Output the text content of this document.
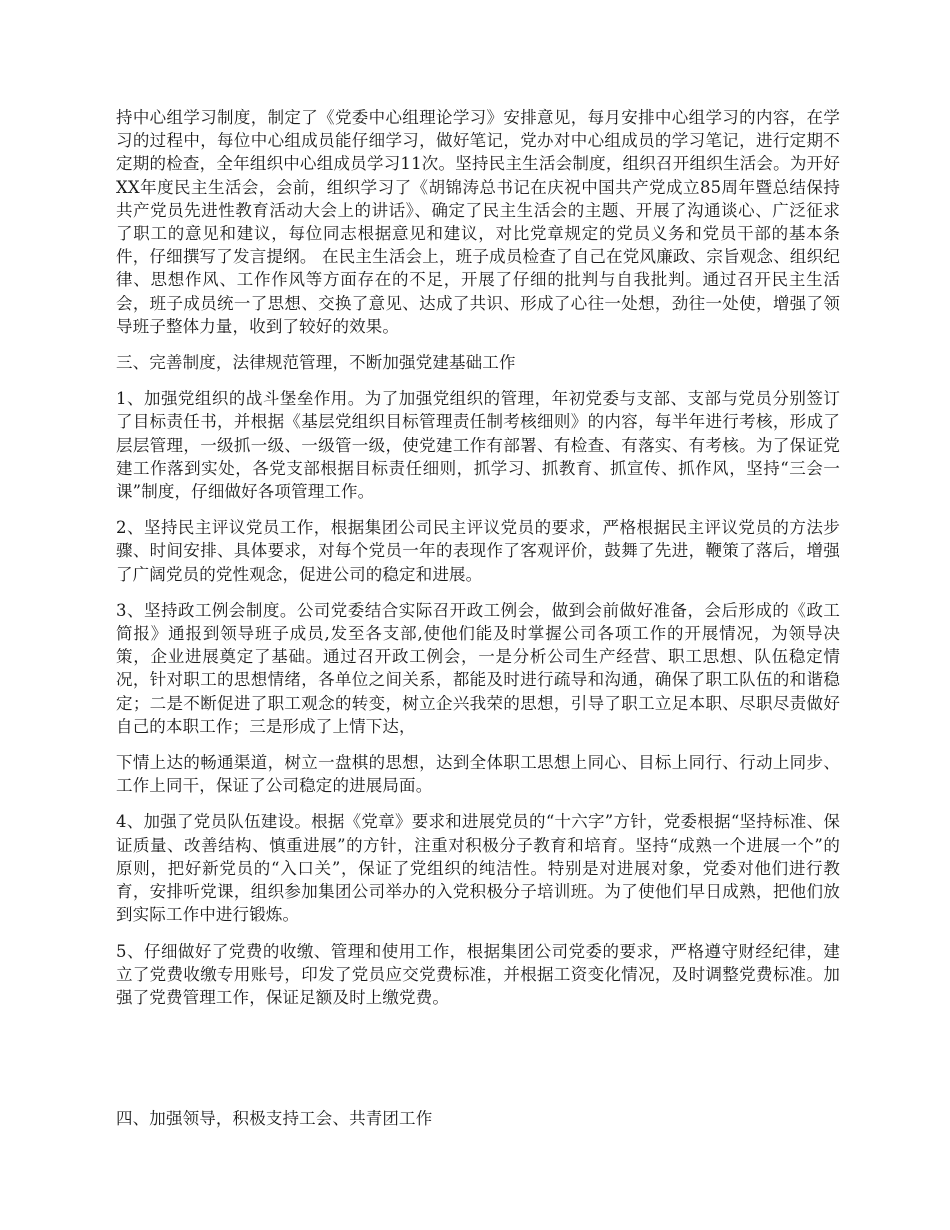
持中心组学习制度，制定了《党委中心组理论学习》安排意见，每月安排中心组学习的内容，在学习的过程中，每位中心组成员能仔细学习，做好笔记，党办对中心组成员的学习笔记，进行定期不定期的检查，全年组织中心组成员学习11次。坚持民主生活会制度，组织召开组织生活会。为开好XX年度民主生活会，会前，组织学习了《胡锦涛总书记在庆祝中国共产党成立85周年暨总结保持共产党员先进性教育活动大会上的讲话》、确定了民主生活会的主题、开展了沟通谈心、广泛征求了职工的意见和建议，每位同志根据意见和建议，对比党章规定的党员义务和党员干部的基本条件，仔细撰写了发言提纲。 在民主生活会上，班子成员检查了自己在党风廉政、宗旨观念、组织纪律、思想作风、工作作风等方面存在的不足，开展了仔细的批判与自我批判。通过召开民主生活会，班子成员统一了思想、交换了意见、达成了共识、形成了心往一处想，劲往一处使，增强了领导班子整体力量，收到了较好的效果。

三、完善制度，法律规范管理，不断加强党建基础工作

1、加强党组织的战斗堡垒作用。为了加强党组织的管理，年初党委与支部、支部与党员分别签订了目标责任书，并根据《基层党组织目标管理责任制考核细则》的内容，每半年进行考核，形成了层层管理，一级抓一级、一级管一级，使党建工作有部署、有检查、有落实、有考核。为了保证党建工作落到实处，各党支部根据目标责任细则，抓学习、抓教育、抓宣传、抓作风，坚持“三会一课”制度，仔细做好各项管理工作。

2、坚持民主评议党员工作，根据集团公司民主评议党员的要求，严格根据民主评议党员的方法步骤、时间安排、具体要求，对每个党员一年的表现作了客观评价，鼓舞了先进，鞭策了落后，增强了广阔党员的党性观念，促进公司的稳定和进展。

3、坚持政工例会制度。公司党委结合实际召开政工例会，做到会前做好准备，会后形成的《政工简报》通报到领导班子成员,发至各支部,使他们能及时掌握公司各项工作的开展情况，为领导决策，企业进展奠定了基础。通过召开政工例会，一是分析公司生产经营、职工思想、队伍稳定情况，针对职工的思想情绪，各单位之间关系，都能及时进行疏导和沟通，确保了职工队伍的和谐稳定；二是不断促进了职工观念的转变，树立企兴我荣的思想，引导了职工立足本职、尽职尽责做好自己的本职工作；三是形成了上情下达，

下情上达的畅通渠道，树立一盘棋的思想，达到全体职工思想上同心、目标上同行、行动上同步、工作上同干，保证了公司稳定的进展局面。

4、加强了党员队伍建设。根据《党章》要求和进展党员的“十六字”方针，党委根据“坚持标准、保证质量、改善结构、慎重进展”的方针，注重对积极分子教育和培育。坚持“成熟一个进展一个”的原则，把好新党员的“入口关”，保证了党组织的纯洁性。特别是对进展对象，党委对他们进行教育，安排听党课，组织参加集团公司举办的入党积极分子培训班。为了使他们早日成熟，把他们放到实际工作中进行锻炼。

5、仔细做好了党费的收缴、管理和使用工作，根据集团公司党委的要求，严格遵守财经纪律，建立了党费收缴专用账号，印发了党员应交党费标准，并根据工资变化情况，及时调整党费标准。加强了党费管理工作，保证足额及时上缴党费。

四、加强领导，积极支持工会、共青团工作
